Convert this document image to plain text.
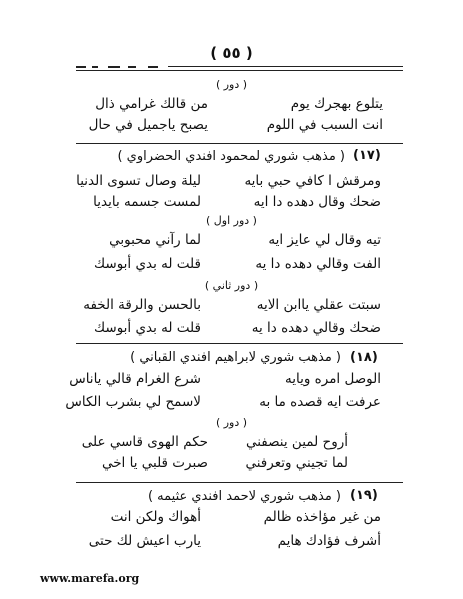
( ٥٥ )
( دور )
من قالك غرامي ذال	يتلوع بهجرك يوم
يصبح ياجميل في حال	انت السبب في اللوم
(١٧)
( مذهب شوري لمحمود افندي الحضراوي )
ليلة وصال تسوى الدنيا	ومرقش ا كافي حبي بايه
لمست جسمه بايديا	ضحك وقال دهده دا ايه
( دور اول )
لما رآني محبوبي	تيه وقال لي عايز ايه
قلت له بدي أبوسك	الفت وقالي دهده دا يه
( دور ثاني )
بالحسن والرقة الخفه	سبتت عقلي ياابن الايه
قلت له بدي أبوسك	ضحك وقالي دهده دا يه
(١٨)
( مذهب شوري لابراهيم افندي القباني )
شرع الغرام قالي ياناس	الوصل امره ويايه
لاسمح لي بشرب الكاس	عرفت ايه قصده ما به
( دور )
حكم الهوى قاسي على	أروح لمين ينصفني
صبرت قلبي يا اخي	لما تجيني وتعرفني
(١٩)
( مذهب شوري لاحمد افندي عثيمه )
أهواك ولكن انت	من غير مؤاخذه ظالم
يارب اعيش لك حتى	أشرف فؤادك هايم
www.marefa.org
